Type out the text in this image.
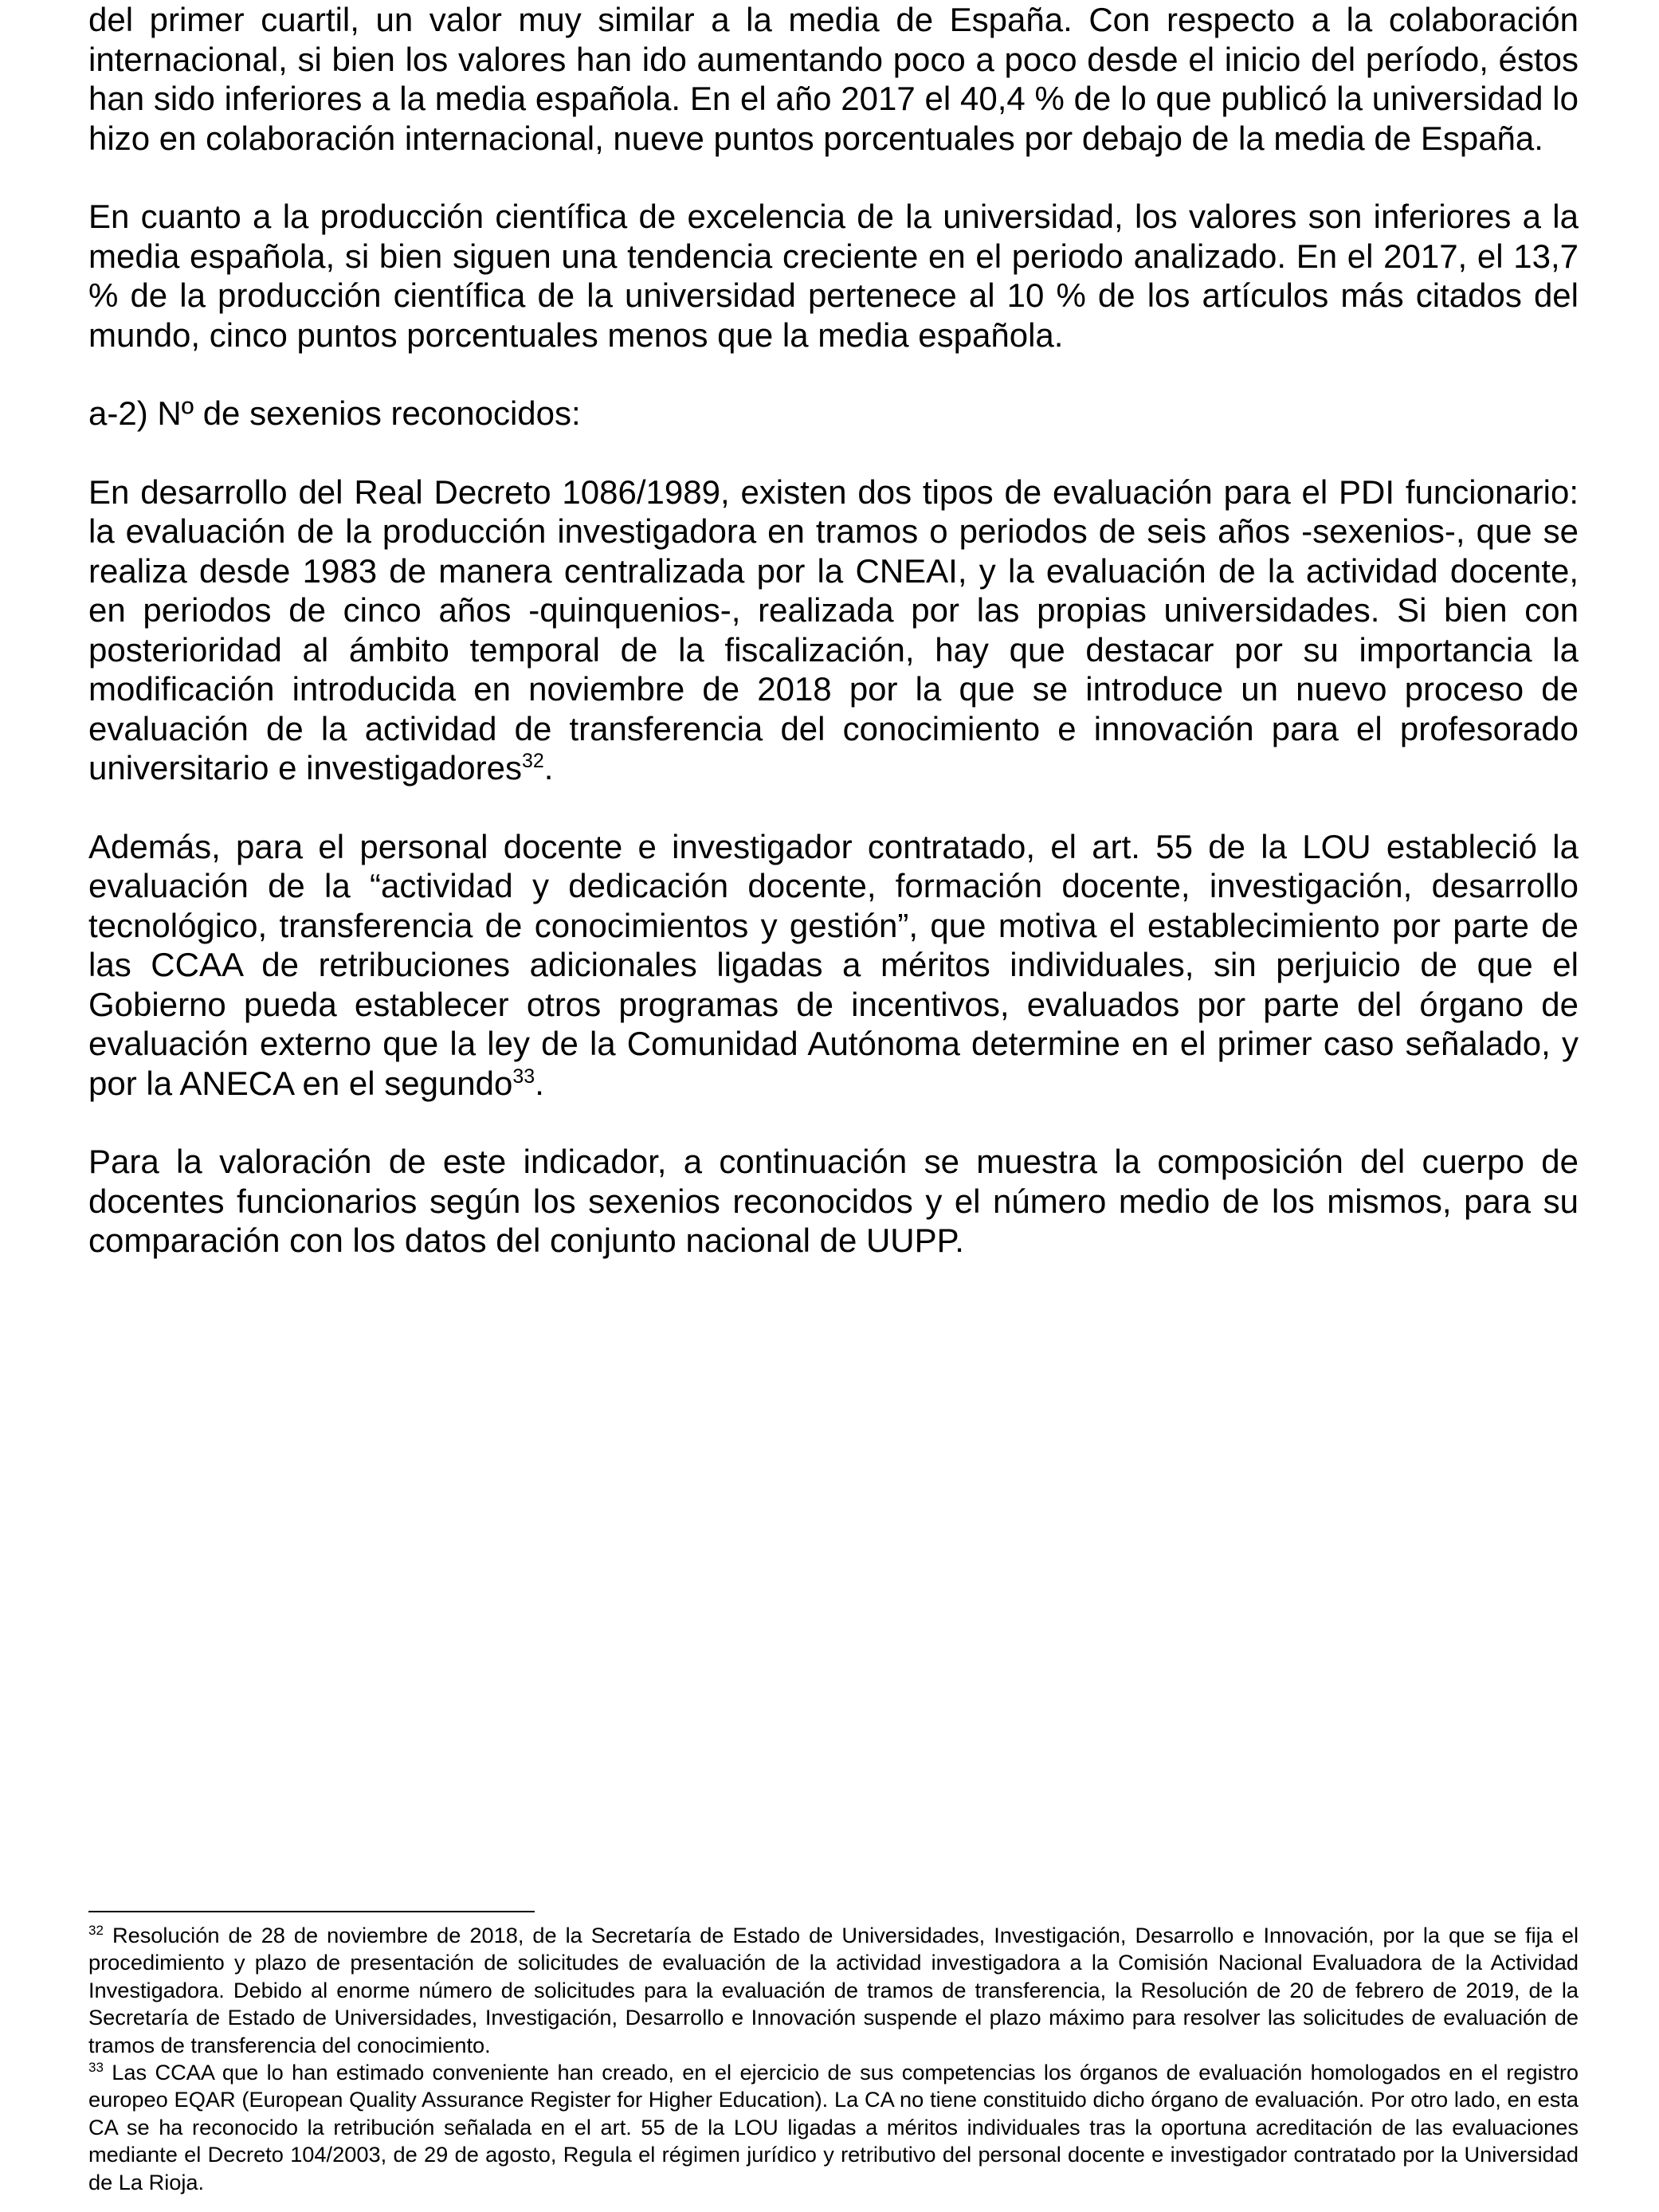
del primer cuartil, un valor muy similar a la media de España. Con respecto a la colaboración internacional, si bien los valores han ido aumentando poco a poco desde el inicio del período, éstos han sido inferiores a la media española. En el año 2017 el 40,4 % de lo que publicó la universidad lo hizo en colaboración internacional, nueve puntos porcentuales por debajo de la media de España.

En cuanto a la producción científica de excelencia de la universidad, los valores son inferiores a la media española, si bien siguen una tendencia creciente en el periodo analizado. En el 2017, el 13,7 % de la producción científica de la universidad pertenece al 10 % de los artículos más citados del mundo, cinco puntos porcentuales menos que la media española.

a-2) Nº de sexenios reconocidos:

En desarrollo del Real Decreto 1086/1989, existen dos tipos de evaluación para el PDI funcionario: la evaluación de la producción investigadora en tramos o periodos de seis años -sexenios-, que se realiza desde 1983 de manera centralizada por la CNEAI, y la evaluación de la actividad docente, en periodos de cinco años -quinquenios-, realizada por las propias universidades. Si bien con posterioridad al ámbito temporal de la fiscalización, hay que destacar por su importancia la modificación introducida en noviembre de 2018 por la que se introduce un nuevo proceso de evaluación de la actividad de transferencia del conocimiento e innovación para el profesorado universitario e investigadores$^{32}$.

Además, para el personal docente e investigador contratado, el art. 55 de la LOU estableció la evaluación de la “actividad y dedicación docente, formación docente, investigación, desarrollo tecnológico, transferencia de conocimientos y gestión”, que motiva el establecimiento por parte de las CCAA de retribuciones adicionales ligadas a méritos individuales, sin perjuicio de que el Gobierno pueda establecer otros programas de incentivos, evaluados por parte del órgano de evaluación externo que la ley de la Comunidad Autónoma determine en el primer caso señalado, y por la ANECA en el segundo$^{33}$.

Para la valoración de este indicador, a continuación se muestra la composición del cuerpo de docentes funcionarios según los sexenios reconocidos y el número medio de los mismos, para su comparación con los datos del conjunto nacional de UUPP.

$^{32}$ Resolución de 28 de noviembre de 2018, de la Secretaría de Estado de Universidades, Investigación, Desarrollo e Innovación, por la que se fija el procedimiento y plazo de presentación de solicitudes de evaluación de la actividad investigadora a la Comisión Nacional Evaluadora de la Actividad Investigadora. Debido al enorme número de solicitudes para la evaluación de tramos de transferencia, la Resolución de 20 de febrero de 2019, de la Secretaría de Estado de Universidades, Investigación, Desarrollo e Innovación suspende el plazo máximo para resolver las solicitudes de evaluación de tramos de transferencia del conocimiento.

$^{33}$ Las CCAA que lo han estimado conveniente han creado, en el ejercicio de sus competencias los órganos de evaluación homologados en el registro europeo EQAR (European Quality Assurance Register for Higher Education). La CA no tiene constituido dicho órgano de evaluación. Por otro lado, en esta CA se ha reconocido la retribución señalada en el art. 55 de la LOU ligadas a méritos individuales tras la oportuna acreditación de las evaluaciones mediante el Decreto 104/2003, de 29 de agosto, Regula el régimen jurídico y retributivo del personal docente e investigador contratado por la Universidad de La Rioja.
